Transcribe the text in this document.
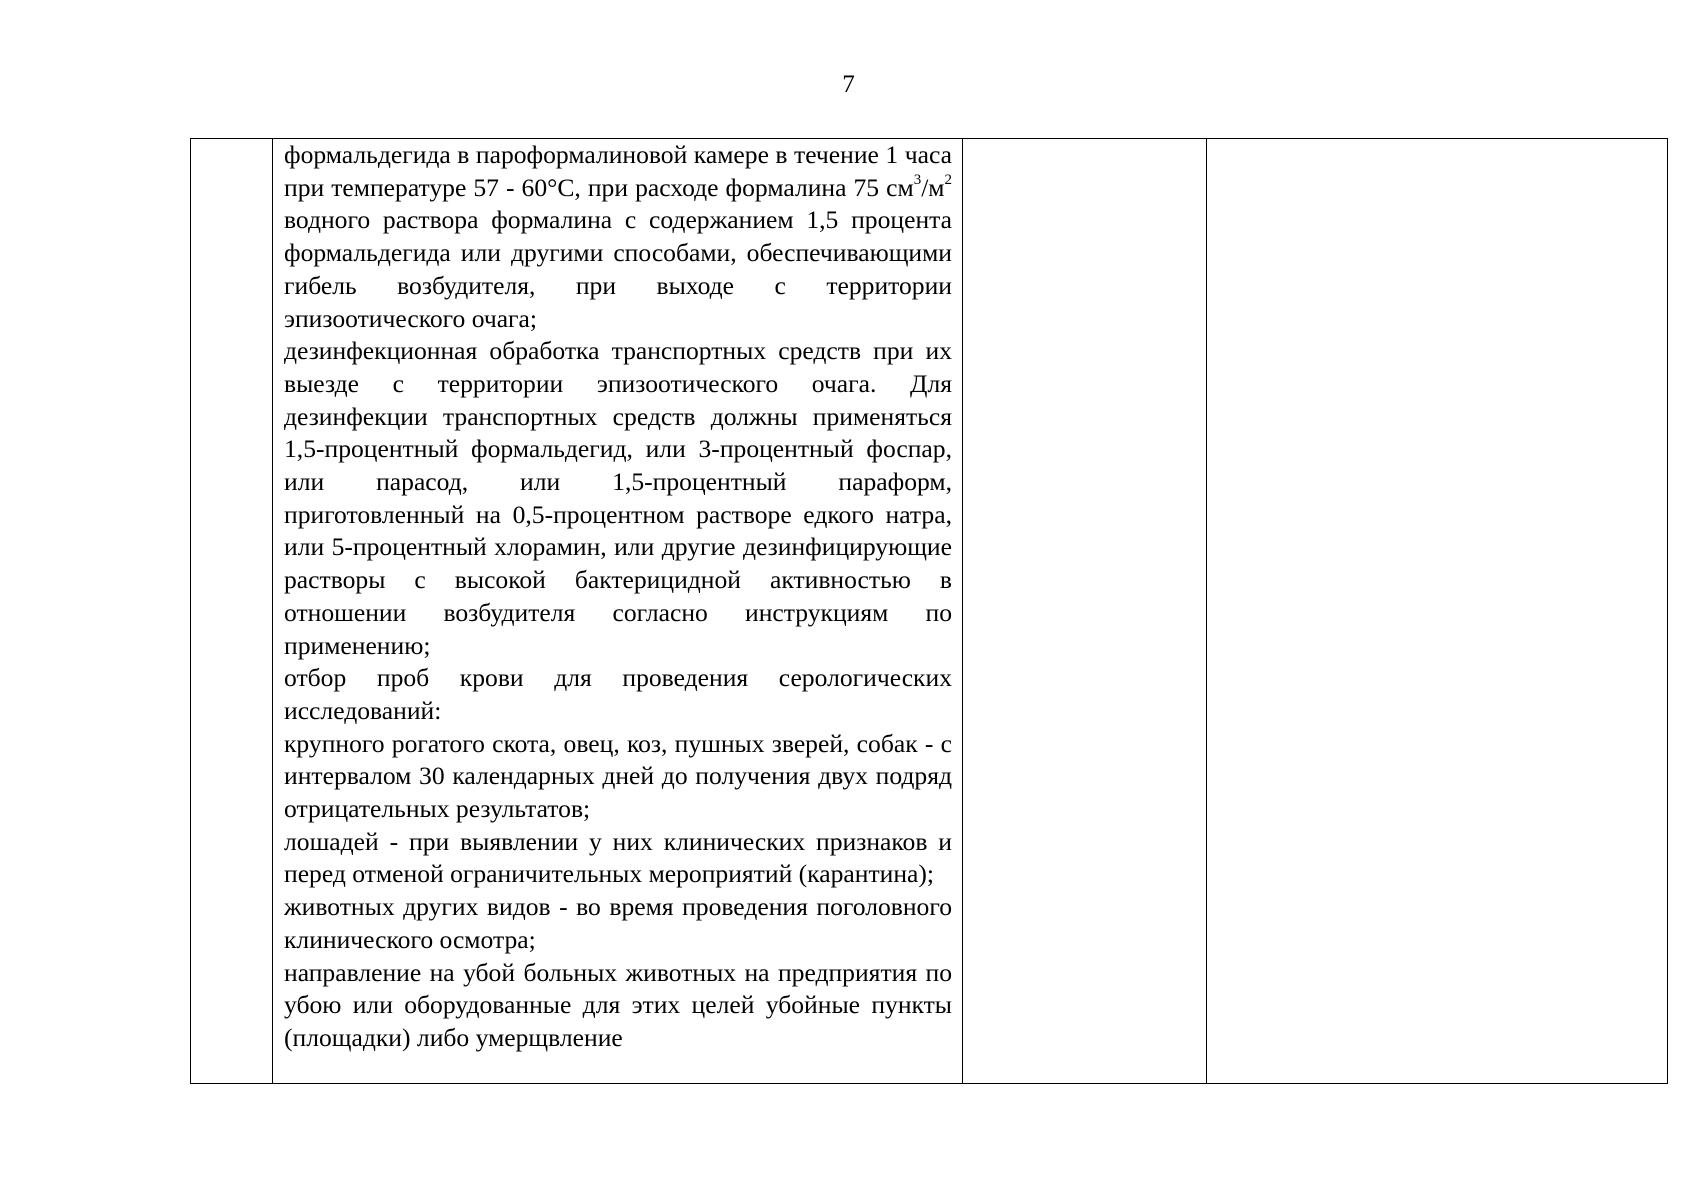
7

формальдегида в пароформалиновой камере в течение 1 часа при температуре 57 - 60°С, при расходе формалина 75 $см^3/м^2$ водного раствора формалина с содержанием 1,5 процента формальдегида или другими способами, обеспечивающими гибель возбудителя, при выходе с территории эпизоотического очага;

дезинфекционная обработка транспортных средств при их выезде с территории эпизоотического очага. Для дезинфекции транспортных средств должны применяться 1,5-процентный формальдегид, или 3-процентный фоспар, или парасод, или 1,5-процентный параформ, приготовленный на 0,5-процентном растворе едкого натра, или 5-процентный хлорамин, или другие дезинфицирующие растворы с высокой бактерицидной активностью в отношении возбудителя согласно инструкциям по применению;

отбор проб крови для проведения серологических исследований:

крупного рогатого скота, овец, коз, пушных зверей, собак - с интервалом 30 календарных дней до получения двух подряд отрицательных результатов;

лошадей - при выявлении у них клинических признаков и перед отменой ограничительных мероприятий (карантина);

животных других видов - во время проведения поголовного клинического осмотра;

направление на убой больных животных на предприятия по убою или оборудованные для этих целей убойные пункты (площадки) либо умерщвление
